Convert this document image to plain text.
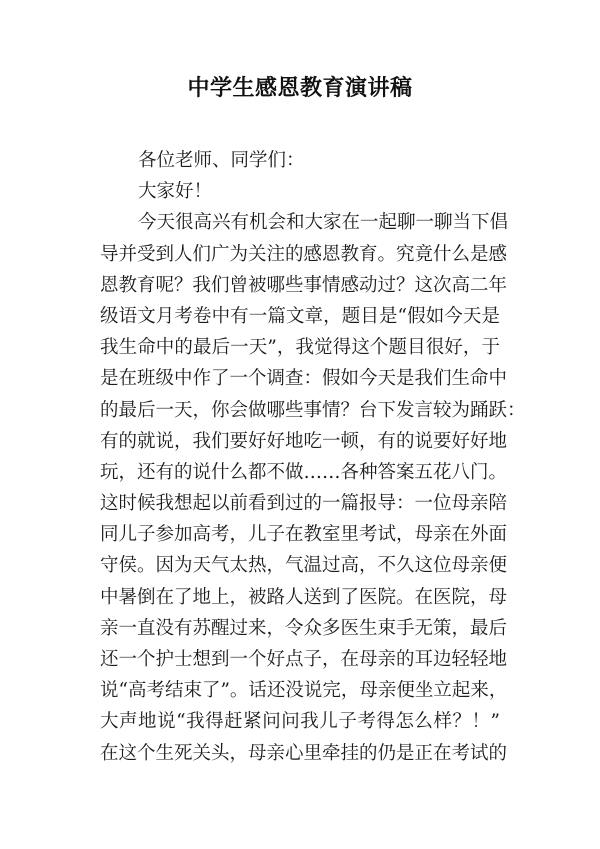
中学生感恩教育演讲稿
各位老师、同学们：
大家好！
今天很高兴有机会和大家在一起聊一聊当下倡
导并受到人们广为关注的感恩教育。究竟什么是感
恩教育呢？我们曾被哪些事情感动过？这次高二年
级语文月考卷中有一篇文章，题目是“假如今天是
我生命中的最后一天”，我觉得这个题目很好，于
是在班级中作了一个调查：假如今天是我们生命中
的最后一天，你会做哪些事情？台下发言较为踊跃：
有的就说，我们要好好地吃一顿，有的说要好好地
玩，还有的说什么都不做……各种答案五花八门。
这时候我想起以前看到过的一篇报导：一位母亲陪
同儿子参加高考，儿子在教室里考试，母亲在外面
守侯。因为天气太热，气温过高，不久这位母亲便
中暑倒在了地上，被路人送到了医院。在医院，母
亲一直没有苏醒过来，令众多医生束手无策，最后
还一个护士想到一个好点子，在母亲的耳边轻轻地
说“高考结束了”。话还没说完，母亲便坐立起来，
大声地说“我得赶紧问问我儿子考得怎么样？！”
在这个生死关头，母亲心里牵挂的仍是正在考试的
